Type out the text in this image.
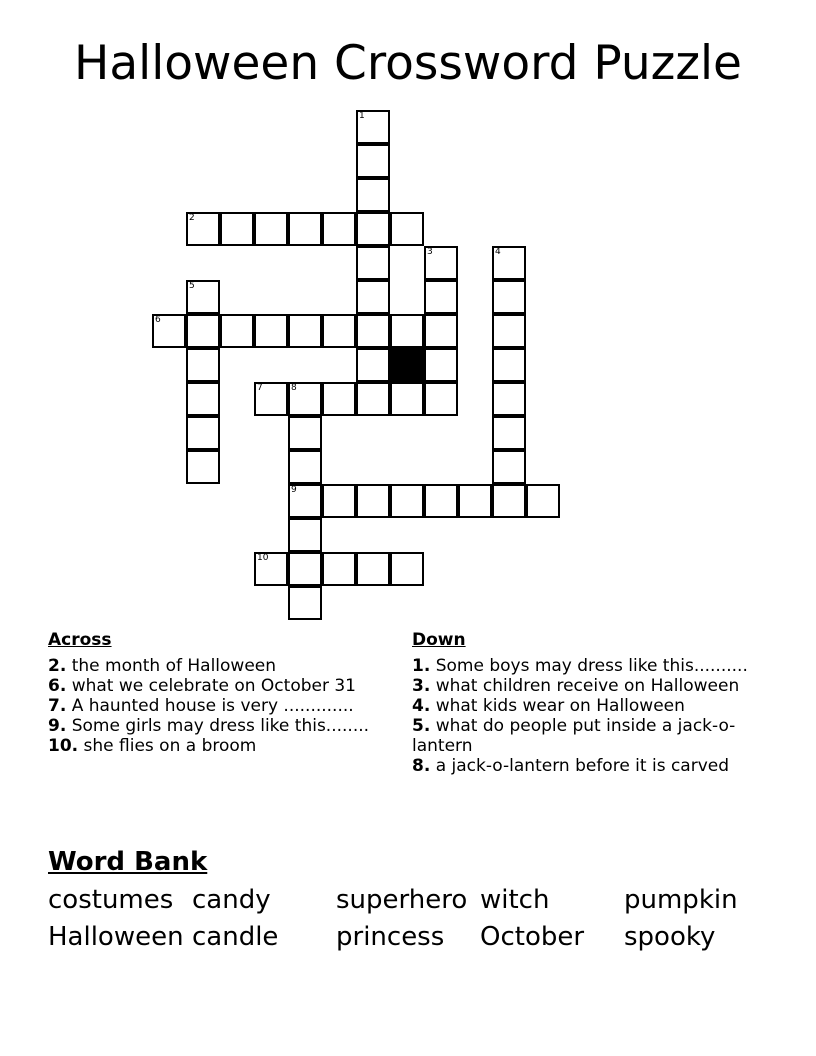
Halloween Crossword Puzzle
1
2
3	4
5
6
7	8
9
10
Across
2. the month of Halloween
6. what we celebrate on October 31
7. A haunted house is very .............
9. Some girls may dress like this........
10. she flies on a broom
Down
1. Some boys may dress like this..........
3. what children receive on Halloween
4. what kids wear on Halloween
5. what do people put inside a jack-o-lantern
8. a jack-o-lantern before it is carved
Word Bank
costumes candy	superhero witch	pumpkin
Halloween candle princess October spooky
